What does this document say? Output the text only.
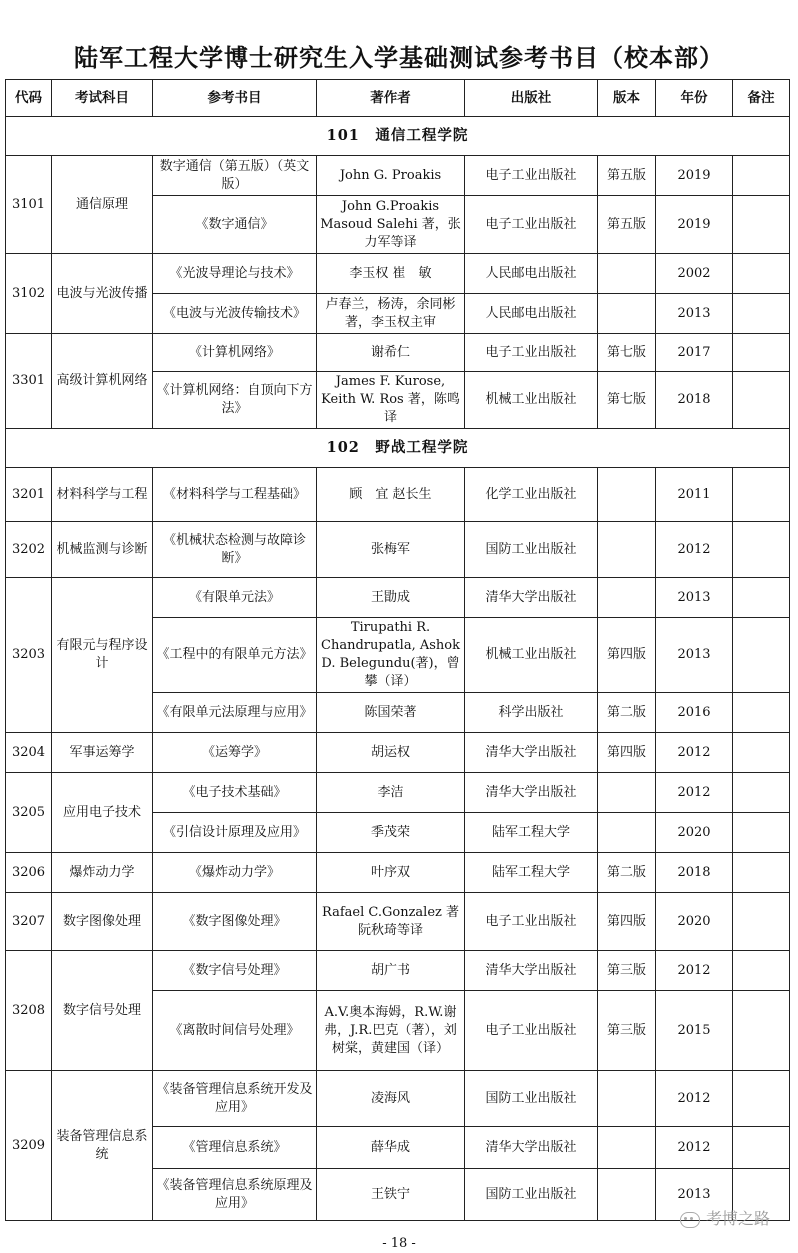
陆军工程大学博士研究生入学基础测试参考书目（校本部）
代码	考试科目	参考书目	著作者	出版社	版本	年份	备注
101　通信工程学院							
3101	通信原理	数字通信（第五版）（英文版）	John G. Proakis	电子工业出版社	第五版	2019	
		《数字通信》	John G.Proakis Masoud Salehi 著，张力军等译	电子工业出版社	第五版	2019	
3102	电波与光波传播	《光波导理论与技术》	李玉权 崔　敏	人民邮电出版社		2002	
		《电波与光波传输技术》	卢春兰，杨涛，余同彬著，李玉权主审	人民邮电出版社		2013	
3301	高级计算机网络	《计算机网络》	谢希仁	电子工业出版社	第七版	2017	
		《计算机网络：自顶向下方法》	James F. Kurose, Keith W. Ros 著，陈鸣 译	机械工业出版社	第七版	2018	
102　野战工程学院							
3201	材料科学与工程	《材料科学与工程基础》	顾　宜 赵长生	化学工业出版社		2011	
3202	机械监测与诊断	《机械状态检测与故障诊断》	张梅军	国防工业出版社		2012	
3203	有限元与程序设计	《有限单元法》	王勖成	清华大学出版社		2013	
		《工程中的有限单元方法》	Tirupathi R. Chandrupatla, Ashok D. Belegundu(著)，曾攀（译）	机械工业出版社	第四版	2013	
		《有限单元法原理与应用》	陈国荣著	科学出版社	第二版	2016	
3204	军事运筹学	《运筹学》	胡运权	清华大学出版社	第四版	2012	
3205	应用电子技术	《电子技术基础》	李洁	清华大学出版社		2012	
		《引信设计原理及应用》	季茂荣	陆军工程大学		2020	
3206	爆炸动力学	《爆炸动力学》	叶序双	陆军工程大学	第二版	2018	
3207	数字图像处理	《数字图像处理》	Rafael C.Gonzalez 著 阮秋琦等译	电子工业出版社	第四版	2020	
3208	数字信号处理	《数字信号处理》	胡广书	清华大学出版社	第三版	2012	
		《离散时间信号处理》	A.V.奥本海姆，R.W.谢弗，J.R.巴克（著），刘树棠，黄建国（译）	电子工业出版社	第三版	2015	
3209	装备管理信息系统	《装备管理信息系统开发及应用》	凌海风	国防工业出版社		2012	
		《管理信息系统》	薛华成	清华大学出版社		2012	
		《装备管理信息系统原理及应用》	王铁宁	国防工业出版社		2013	
考博之路
- 18 -
